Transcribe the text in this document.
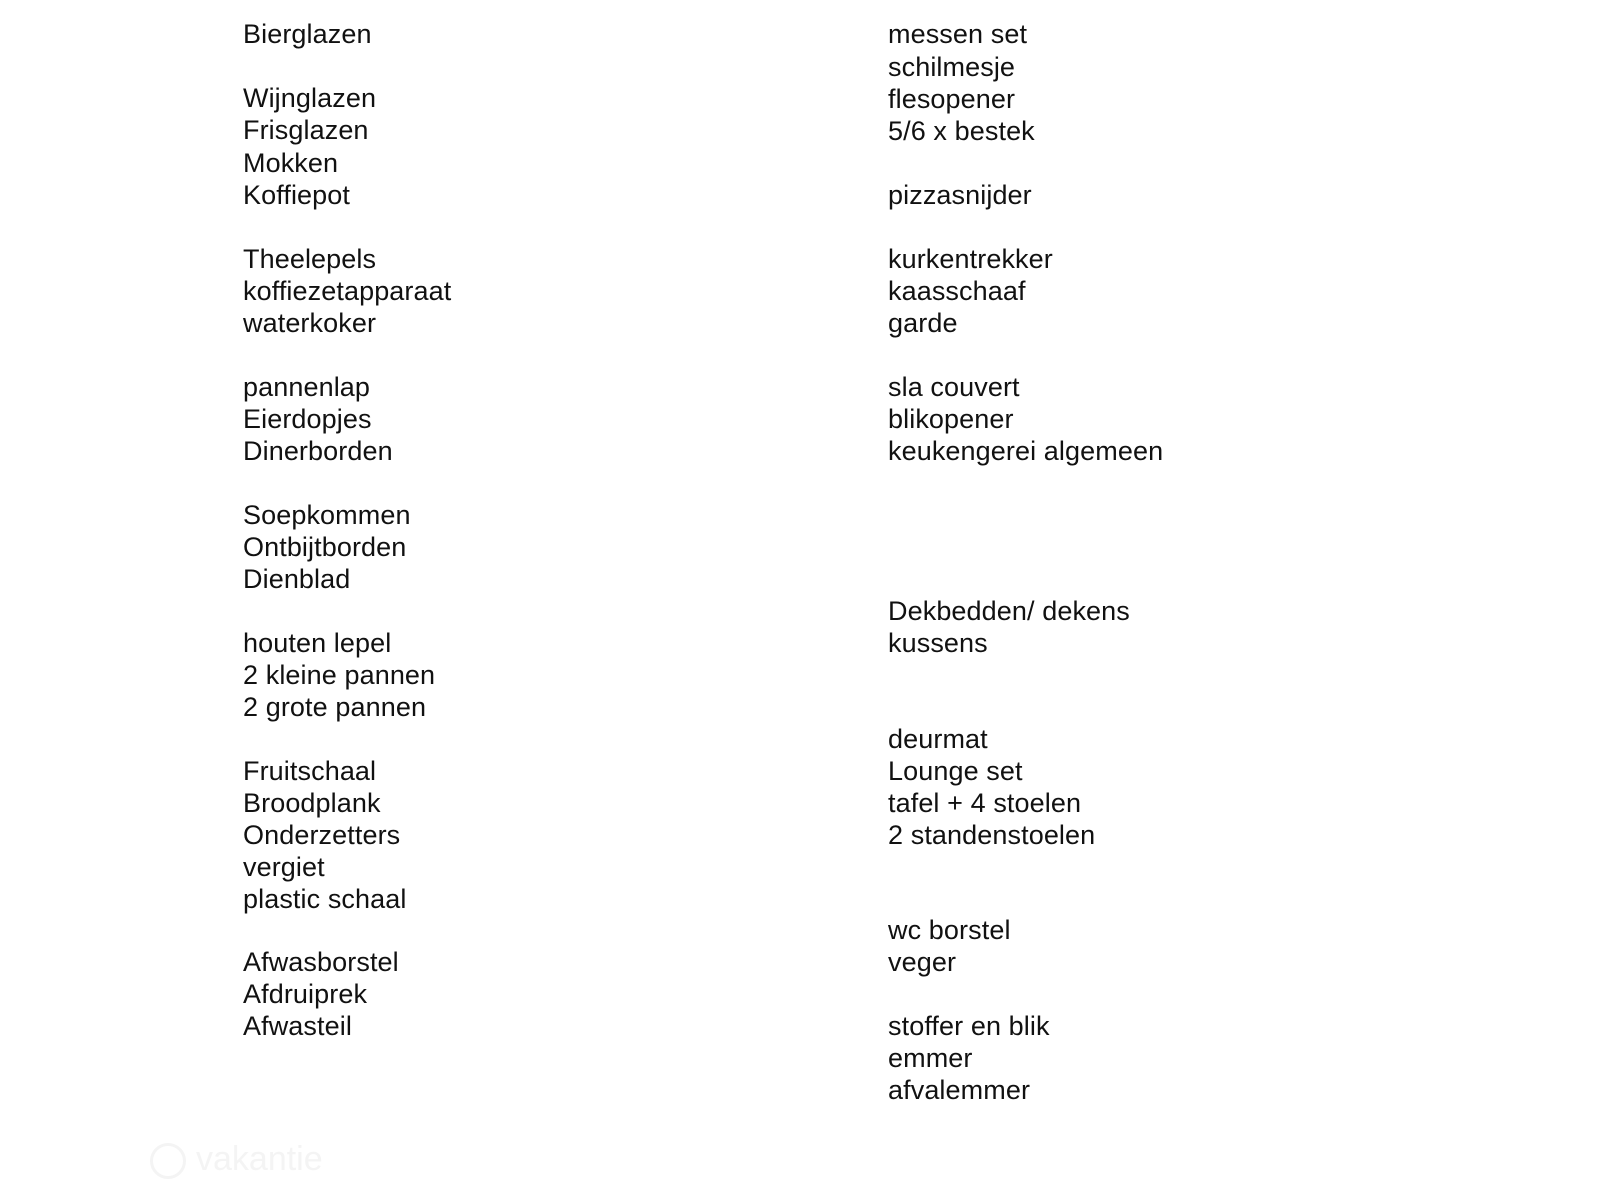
Bierglazen
Wijnglazen
Frisglazen
Mokken
Koffiepot
Theelepels
koffiezetapparaat
waterkoker
pannenlap
Eierdopjes
Dinerborden
Soepkommen
Ontbijtborden
Dienblad
houten lepel
2 kleine pannen
2 grote pannen
Fruitschaal
Broodplank
Onderzetters
vergiet
plastic schaal
Afwasborstel
Afdruiprek
Afwasteil
messen set
schilmesje
flesopener
5/6 x bestek
pizzasnijder
kurkentrekker
kaasschaaf
garde
sla couvert
blikopener
keukengerei algemeen
Dekbedden/ dekens
kussens
deurmat
Lounge set
tafel + 4 stoelen
2 standenstoelen
wc borstel
veger
stoffer en blik
emmer
afvalemmer
vakantie
